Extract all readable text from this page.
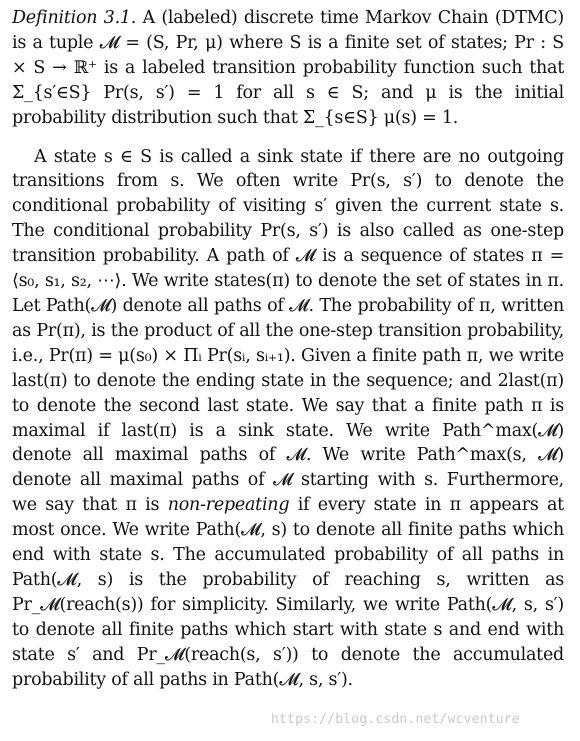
Definition 3.1. A (labeled) discrete time Markov Chain (DTMC) is a tuple 𝓜 = (S, Pr, μ) where S is a finite set of states; Pr : S × S → ℝ⁺ is a labeled transition probability function such that Σ_{s′∈S} Pr(s, s′) = 1 for all s ∈ S; and μ is the initial probability distribution such that Σ_{s∈S} μ(s) = 1.

A state s ∈ S is called a sink state if there are no outgoing transitions from s. We often write Pr(s, s′) to denote the conditional probability of visiting s′ given the current state s. The conditional probability Pr(s, s′) is also called as one-step transition probability. A path of 𝓜 is a sequence of states π = ⟨s₀, s₁, s₂, ⋯⟩. We write states(π) to denote the set of states in π. Let Path(𝓜) denote all paths of 𝓜. The probability of π, written as Pr(π), is the product of all the one-step transition probability, i.e., Pr(π) = μ(s₀) × Πᵢ Pr(sᵢ, sᵢ₊₁). Given a finite path π, we write last(π) to denote the ending state in the sequence; and 2last(π) to denote the second last state. We say that a finite path π is maximal if last(π) is a sink state. We write Path^max(𝓜) denote all maximal paths of 𝓜. We write Path^max(s, 𝓜) denote all maximal paths of 𝓜 starting with s. Furthermore, we say that π is non-repeating if every state in π appears at most once. We write Path(𝓜, s) to denote all finite paths which end with state s. The accumulated probability of all paths in Path(𝓜, s) is the probability of reaching s, written as Pr_𝓜(reach(s)) for simplicity. Similarly, we write Path(𝓜, s, s′) to denote all finite paths which start with state s and end with state s′ and Pr_𝓜(reach(s, s′)) to denote the accumulated probability of all paths in Path(𝓜, s, s′).

https://blog.csdn.net/wcventure
